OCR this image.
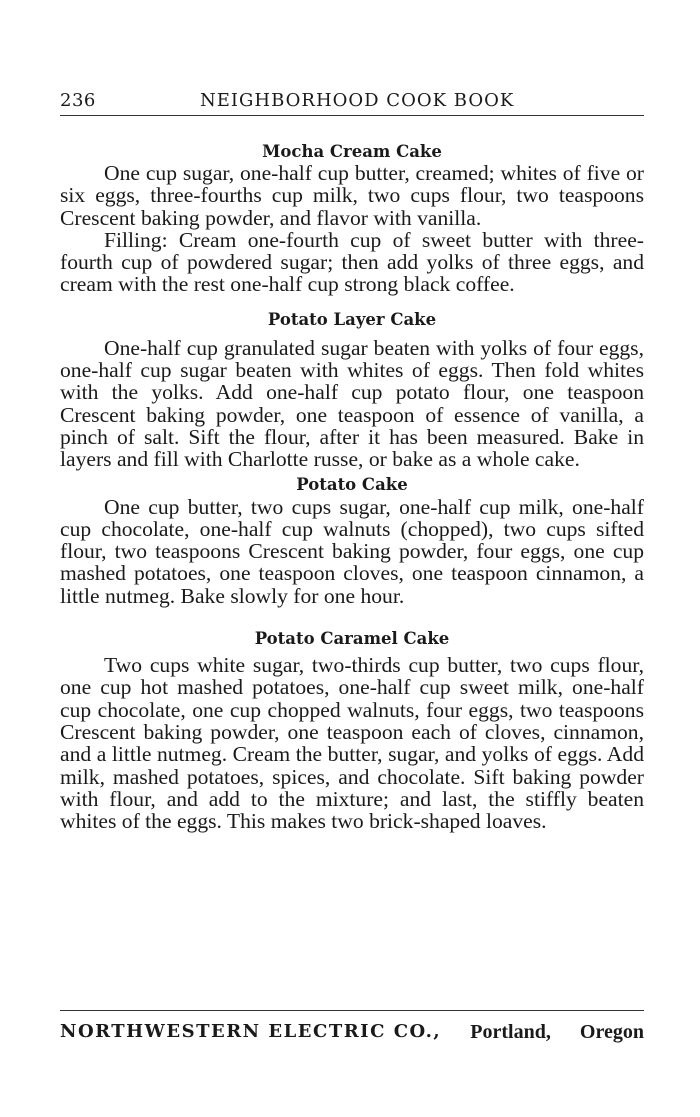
236	NEIGHBORHOOD COOK BOOK
Mocha Cream Cake

One cup sugar, one-half cup butter, creamed; whites of five or six eggs, three-fourths cup milk, two cups flour, two teaspoons Crescent baking powder, and flavor with vanilla.

Filling: Cream one-fourth cup of sweet butter with three-fourth cup of powdered sugar; then add yolks of three eggs, and cream with the rest one-half cup strong black coffee.

Potato Layer Cake

One-half cup granulated sugar beaten with yolks of four eggs, one-half cup sugar beaten with whites of eggs. Then fold whites with the yolks. Add one-half cup potato flour, one teaspoon Crescent baking powder, one teaspoon of essence of vanilla, a pinch of salt. Sift the flour, after it has been measured. Bake in layers and fill with Charlotte russe, or bake as a whole cake.

Potato Cake

One cup butter, two cups sugar, one-half cup milk, one-half cup chocolate, one-half cup walnuts (chopped), two cups sifted flour, two teaspoons Crescent baking powder, four eggs, one cup mashed potatoes, one teaspoon cloves, one teaspoon cinnamon, a little nutmeg. Bake slowly for one hour.

Potato Caramel Cake

Two cups white sugar, two-thirds cup butter, two cups flour, one cup hot mashed potatoes, one-half cup sweet milk, one-half cup chocolate, one cup chopped walnuts, four eggs, two teaspoons Crescent baking powder, one teaspoon each of cloves, cinnamon, and a little nutmeg. Cream the butter, sugar, and yolks of eggs. Add milk, mashed potatoes, spices, and chocolate. Sift baking powder with flour, and add to the mixture; and last, the stiffly beaten whites of the eggs. This makes two brick-shaped loaves.

NORTHWESTERN ELECTRIC CO., Portland, Oregon
